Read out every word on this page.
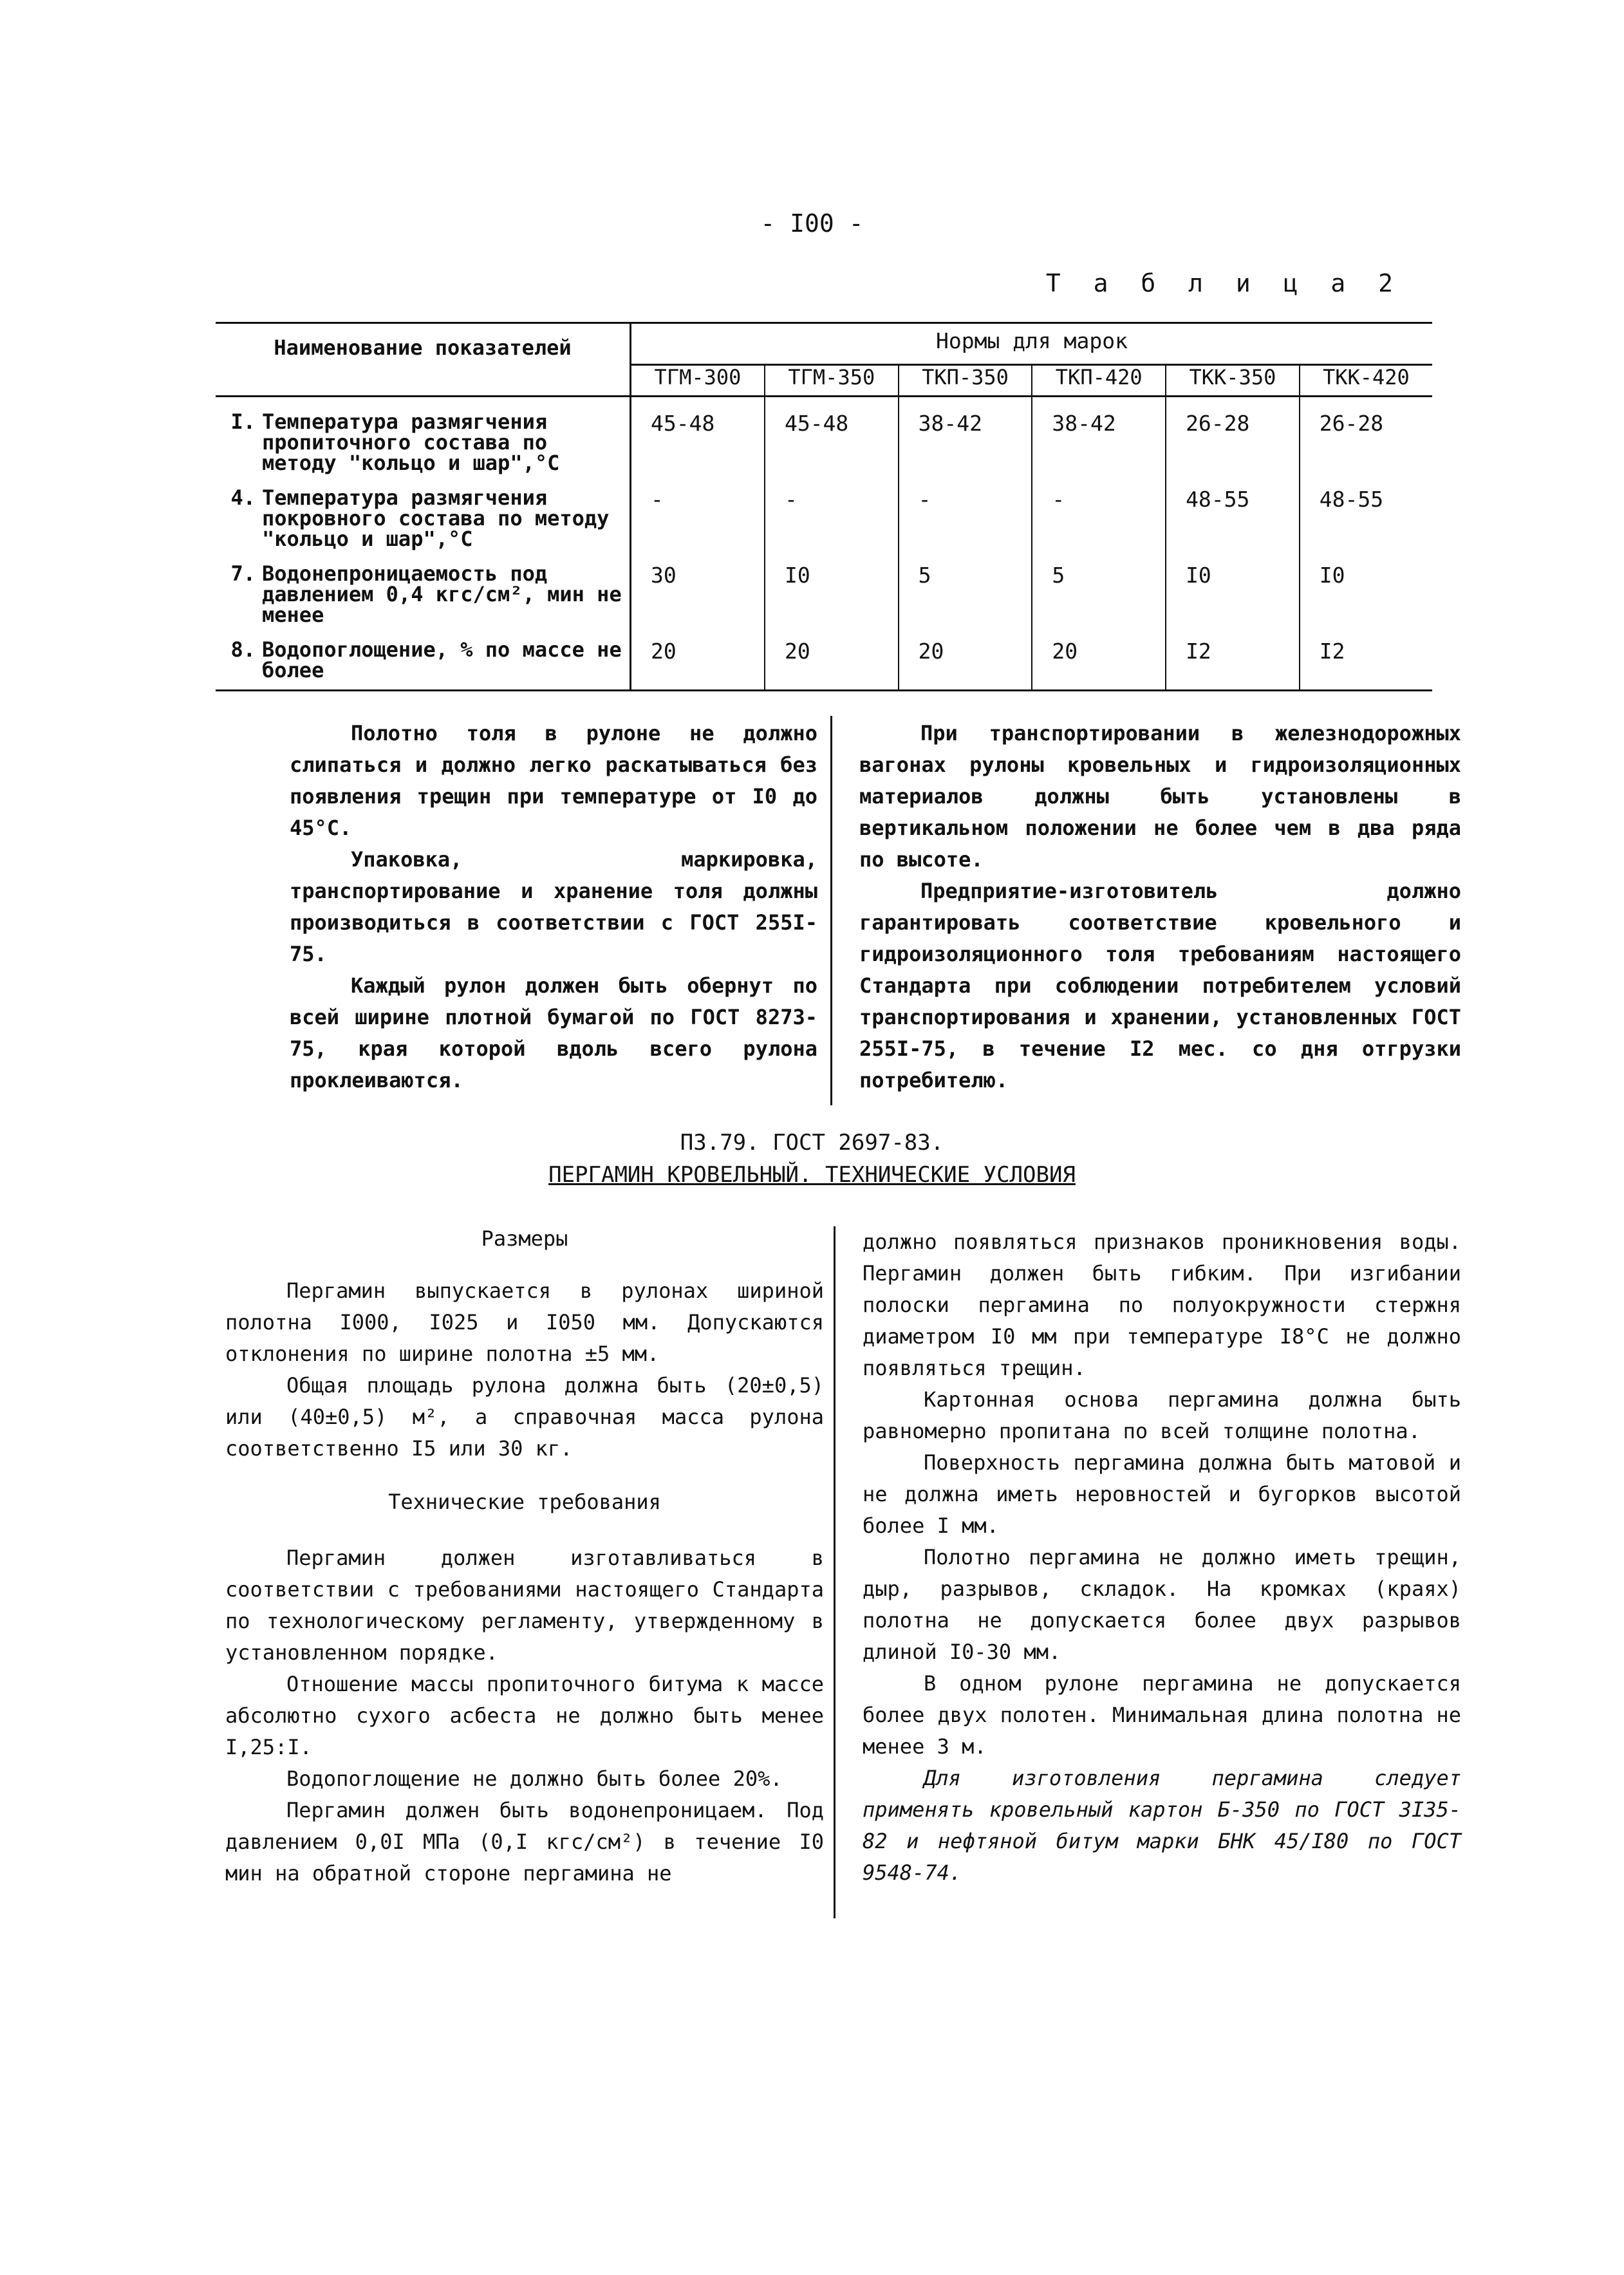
- I00 -
Т а б л и ц а 2
Наименование показателей	Нормы для марок					
	ТГМ-300	ТГМ-350	ТКП-350	ТКП-420	ТКК-350	ТКК-420

I. Температура размягчения пропиточного состава по методу "кольцо и шар",°С	45-48	45-48	38-42	38-42	26-28	26-28

4. Температура размягчения покровного состава по методу "кольцо и шар",°С	-	-	-	-	48-55	48-55

7. Водонепроницаемость под давлением 0,4 кгс/см², мин не менее	30	I0	5	5	I0	I0

8. Водопоглощение, % по массе не более	20	20	20	20	I2	I2

Полотно толя в рулоне не должно слипаться и должно легко раскатываться без появления трещин при температуре от I0 до 45°С.

Упаковка, маркировка, транспортирование и хранение толя должны производиться в соответствии с ГОСТ 255I-75.

Каждый рулон должен быть обернут по всей ширине плотной бумагой по ГОСТ 8273-75, края которой вдоль всего рулона проклеиваются.

При транспортировании в железнодорожных вагонах рулоны кровельных и гидроизоляционных материалов должны быть установлены в вертикальном положении не более чем в два ряда по высоте.

Предприятие-изготовитель должно гарантировать соответствие кровельного и гидроизоляционного толя требованиям настоящего Стандарта при соблюдении потребителем условий транспортирования и хранении, установленных ГОСТ 255I-75, в течение I2 мес. со дня отгрузки потребителю.

ПЗ.79. ГОСТ 2697-83.
ПЕРГАМИН КРОВЕЛЬНЫЙ. ТЕХНИЧЕСКИЕ УСЛОВИЯ

Размеры

Пергамин выпускается в рулонах шириной полотна I000, I025 и I050 мм. Допускаются отклонения по ширине полотна ±5 мм.

Общая площадь рулона должна быть (20±0,5) или (40±0,5) м², а справочная масса рулона соответственно I5 или 30 кг.

Технические требования

Пергамин должен изготавливаться в соответствии с требованиями настоящего Стандарта по технологическому регламенту, утвержденному в установленном порядке.

Отношение массы пропиточного битума к массе абсолютно сухого асбеста не должно быть менее I,25:I.

Водопоглощение не должно быть более 20%.

Пергамин должен быть водонепроницаем. Под давлением 0,0I МПа (0,I кгс/см²) в течение I0 мин на обратной стороне пергамина не

должно появляться признаков проникновения воды. Пергамин должен быть гибким. При изгибании полоски пергамина по полуокружности стержня диаметром I0 мм при температуре I8°С не должно появляться трещин.

Картонная основа пергамина должна быть равномерно пропитана по всей толщине полотна.

Поверхность пергамина должна быть матовой и не должна иметь неровностей и бугорков высотой более I мм.

Полотно пергамина не должно иметь трещин, дыр, разрывов, складок. На кромках (краях) полотна не допускается более двух разрывов длиной I0-30 мм.

В одном рулоне пергамина не допускается более двух полотен. Минимальная длина полотна не менее 3 м.

Для изготовления пергамина следует применять кровельный картон Б-350 по ГОСТ 3I35-82 и нефтяной битум марки БНК 45/I80 по ГОСТ 9548-74.
